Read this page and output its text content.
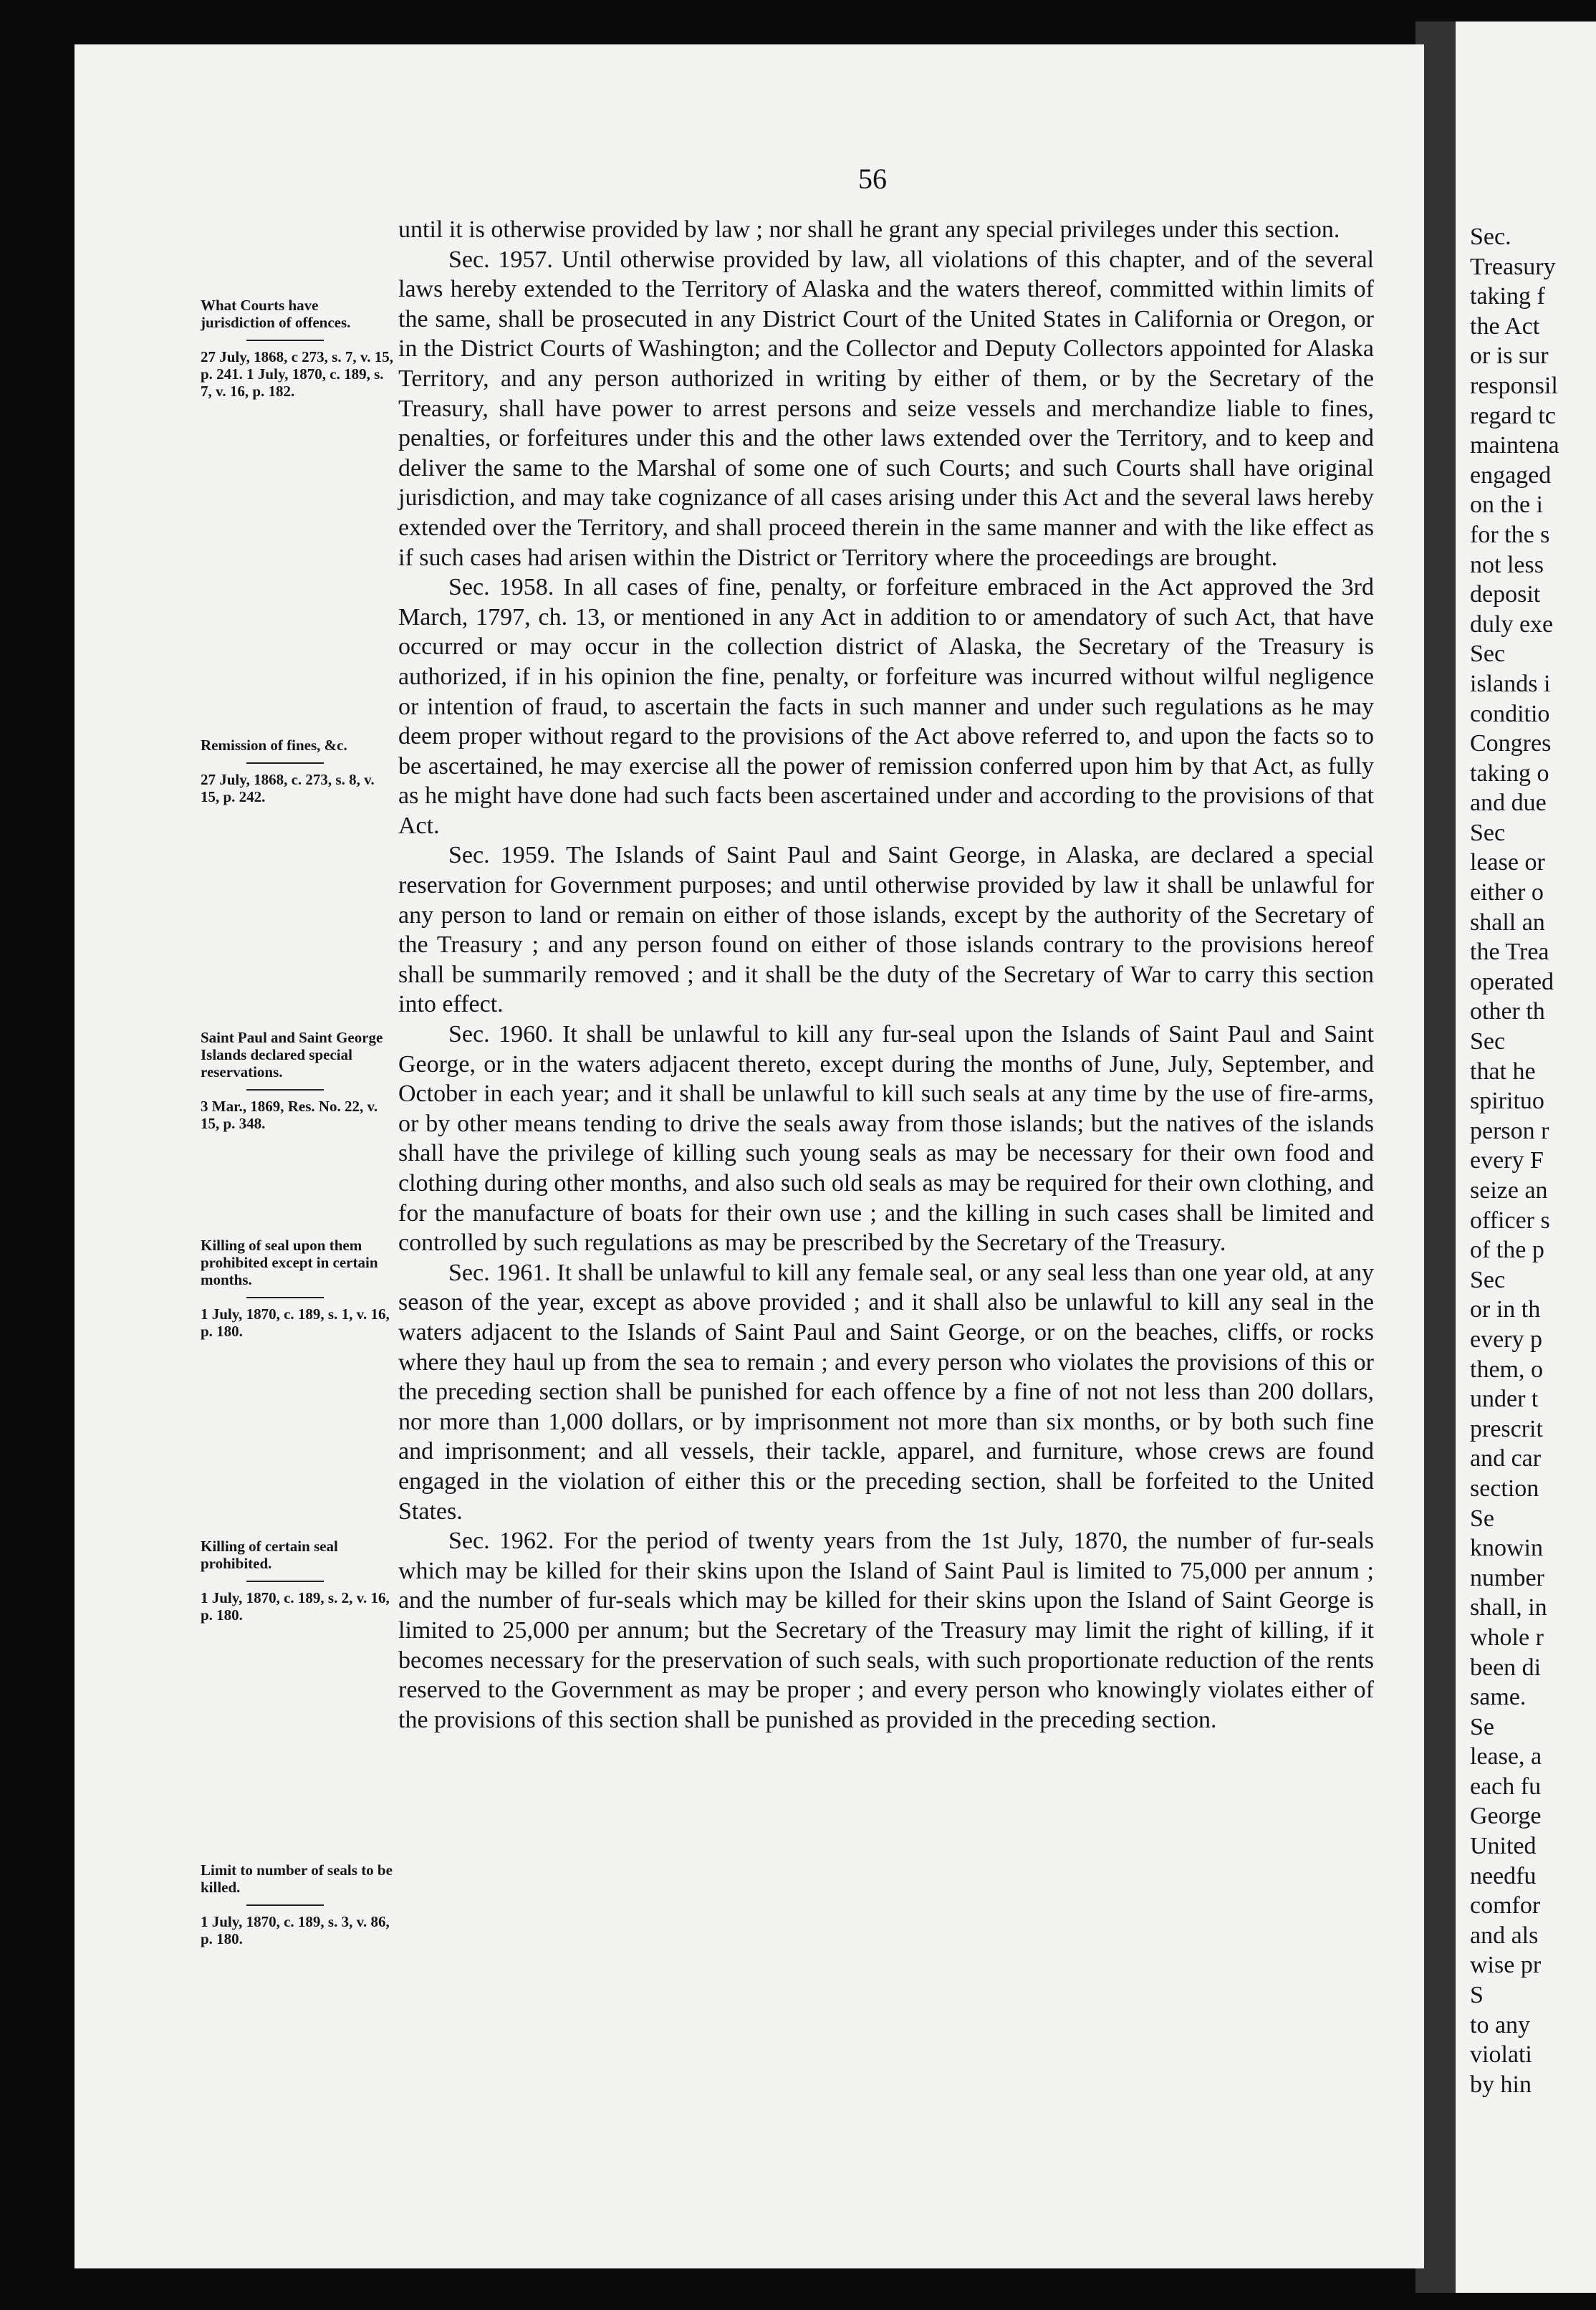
56

until it is otherwise provided by law ; nor shall he grant any special privileges under this section.

Sec. 1957. Until otherwise provided by law, all violations of this chapter, and of the several laws hereby extended to the Territory of Alaska and the waters thereof, committed within limits of the same, shall be prosecuted in any District Court of the United States in California or Oregon, or in the District Courts of Washington; and the Collector and Deputy Collectors appointed for Alaska Territory, and any person authorized in writing by either of them, or by the Secretary of the Treasury, shall have power to arrest persons and seize vessels and merchandize liable to fines, penalties, or forfeitures under this and the other laws extended over the Territory, and to keep and deliver the same to the Marshal of some one of such Courts; and such Courts shall have original jurisdiction, and may take cognizance of all cases arising under this Act and the several laws hereby extended over the Territory, and shall proceed therein in the same manner and with the like effect as if such cases had arisen within the District or Territory where the proceedings are brought.

Sec. 1958. In all cases of fine, penalty, or forfeiture embraced in the Act approved the 3rd March, 1797, ch. 13, or mentioned in any Act in addition to or amendatory of such Act, that have occurred or may occur in the collection district of Alaska, the Secretary of the Treasury is authorized, if in his opinion the fine, penalty, or forfeiture was incurred without wilful negligence or intention of fraud, to ascertain the facts in such manner and under such regulations as he may deem proper without regard to the provisions of the Act above referred to, and upon the facts so to be ascertained, he may exercise all the power of remission conferred upon him by that Act, as fully as he might have done had such facts been ascertained under and according to the provisions of that Act.

Sec. 1959. The Islands of Saint Paul and Saint George, in Alaska, are declared a special reservation for Government purposes; and until otherwise provided by law it shall be unlawful for any person to land or remain on either of those islands, except by the authority of the Secretary of the Treasury ; and any person found on either of those islands contrary to the provisions hereof shall be summarily removed ; and it shall be the duty of the Secretary of War to carry this section into effect.

Sec. 1960. It shall be unlawful to kill any fur-seal upon the Islands of Saint Paul and Saint George, or in the waters adjacent thereto, except during the months of June, July, September, and October in each year; and it shall be unlawful to kill such seals at any time by the use of fire-arms, or by other means tending to drive the seals away from those islands; but the natives of the islands shall have the privilege of killing such young seals as may be necessary for their own food and clothing during other months, and also such old seals as may be required for their own clothing, and for the manufacture of boats for their own use ; and the killing in such cases shall be limited and controlled by such regulations as may be prescribed by the Secretary of the Treasury.

Sec. 1961. It shall be unlawful to kill any female seal, or any seal less than one year old, at any season of the year, except as above provided ; and it shall also be unlawful to kill any seal in the waters adjacent to the Islands of Saint Paul and Saint George, or on the beaches, cliffs, or rocks where they haul up from the sea to remain ; and every person who violates the provisions of this or the preceding section shall be punished for each offence by a fine of not not less than 200 dollars, nor more than 1,000 dollars, or by imprisonment not more than six months, or by both such fine and imprisonment; and all vessels, their tackle, apparel, and furniture, whose crews are found engaged in the violation of either this or the preceding section, shall be forfeited to the United States.

Sec. 1962. For the period of twenty years from the 1st July, 1870, the number of fur-seals which may be killed for their skins upon the Island of Saint Paul is limited to 75,000 per annum ; and the number of fur-seals which may be killed for their skins upon the Island of Saint George is limited to 25,000 per annum; but the Secretary of the Treasury may limit the right of killing, if it becomes necessary for the preservation of such seals, with such proportionate reduction of the rents reserved to the Government as may be proper ; and every person who knowingly violates either of the provisions of this section shall be punished as provided in the preceding section.

What Courts have jurisdiction of offences.
27 July, 1868, c 273, s. 7, v. 15, p. 241. 1 July, 1870, c. 189, s. 7, v. 16, p. 182.
Remission of fines, &c.
27 July, 1868, c. 273, s. 8, v. 15, p. 242.
Saint Paul and Saint George Islands declared special reservations.
3 Mar., 1869, Res. No. 22, v. 15, p. 348.
Killing of seal upon them prohibited except in certain months.
1 July, 1870, c. 189, s. 1, v. 16, p. 180.
Killing of certain seal prohibited.
1 July, 1870, c. 189, s. 2, v. 16, p. 180.
Limit to number of seals to be killed.
1 July, 1870, c. 189, s. 3, v. 86, p. 180.
Sec.
Treasury
taking f
the Act
or is sur
responsil
regard tc
maintena
engaged
on the i
for the s
not less
deposit
duly exe
Sec
islands i
conditio
Congres
taking o
and due
Sec
lease or
either o
shall an
the Trea
operated
other th
Sec
that he
spirituo
person r
every F
seize an
officer s
of the p
Sec
or in th
every p
them, o
under t
prescrit
and car
section
Se
knowin
number
shall, in
whole r
been di
same.
Se
lease, a
each fu
George
United
needfu
comfor
and als
wise pr
S
to any
violati
by hin
